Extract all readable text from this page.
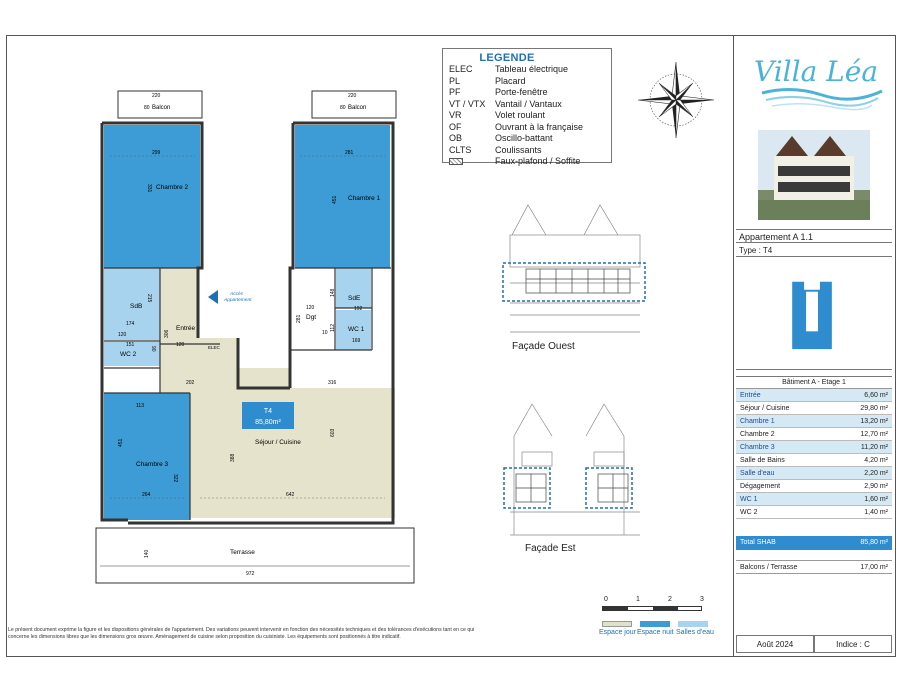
LEGENDE
ELEC	Tableau électrique
PL	Placard
PF	Porte-fenêtre
VT / VTX	Vantail / Vantaux
VR	Volet roulant
OF	Ouvrant à la française
OB	Oscillo-battant
CLTS	Coulissants
Faux-plafond / Soffite
Balcon
220
80	Balcon
220
80
Chambre 2
299
331
Chambre 1
281
451
Chambre 3
264
451
322
SdB
174
215
WC 2
151
90
Entrée
120
306
ELEC
SdE
192
148
WC 1
169
112
Dgt
120
281
202	316
113
120	10
Séjour / Cuisine
642
603
388
Terrasse
972
140
Accès Appartement
T4
85,80m²
Façade Ouest
Façade Est
0	1	2	3
Espace jour Espace nuit Salles d'eau
Le présent document exprime la figure et les dispositions générales de l'appartement. Des variations peuvent intervenir en fonction des nécessités techniques et des tolérances d'exécutions tant en ce qui concerne les dimensions libres que les dimensions gros œuvre. Aménagement de cuisine selon proposition du cuisiniste. Les équipements sont positionnés à titre indicatif.
Villa Léa
Appartement A 1.1
Type : T4
Bâtiment A - Etage 1
Entrée	6,60 m²
Séjour / Cuisine	29,80 m²
Chambre 1	13,20 m²
Chambre 2	12,70 m²
Chambre 3	11,20 m²
Salle de Bains	4,20 m²
Salle d'eau	2,20 m²
Dégagement	2,90 m²
WC 1	1,60 m²
WC 2	1,40 m²
Total SHAB	85,80 m²
Balcons / Terrasse	17,00 m²
Août 2024	Indice : C
